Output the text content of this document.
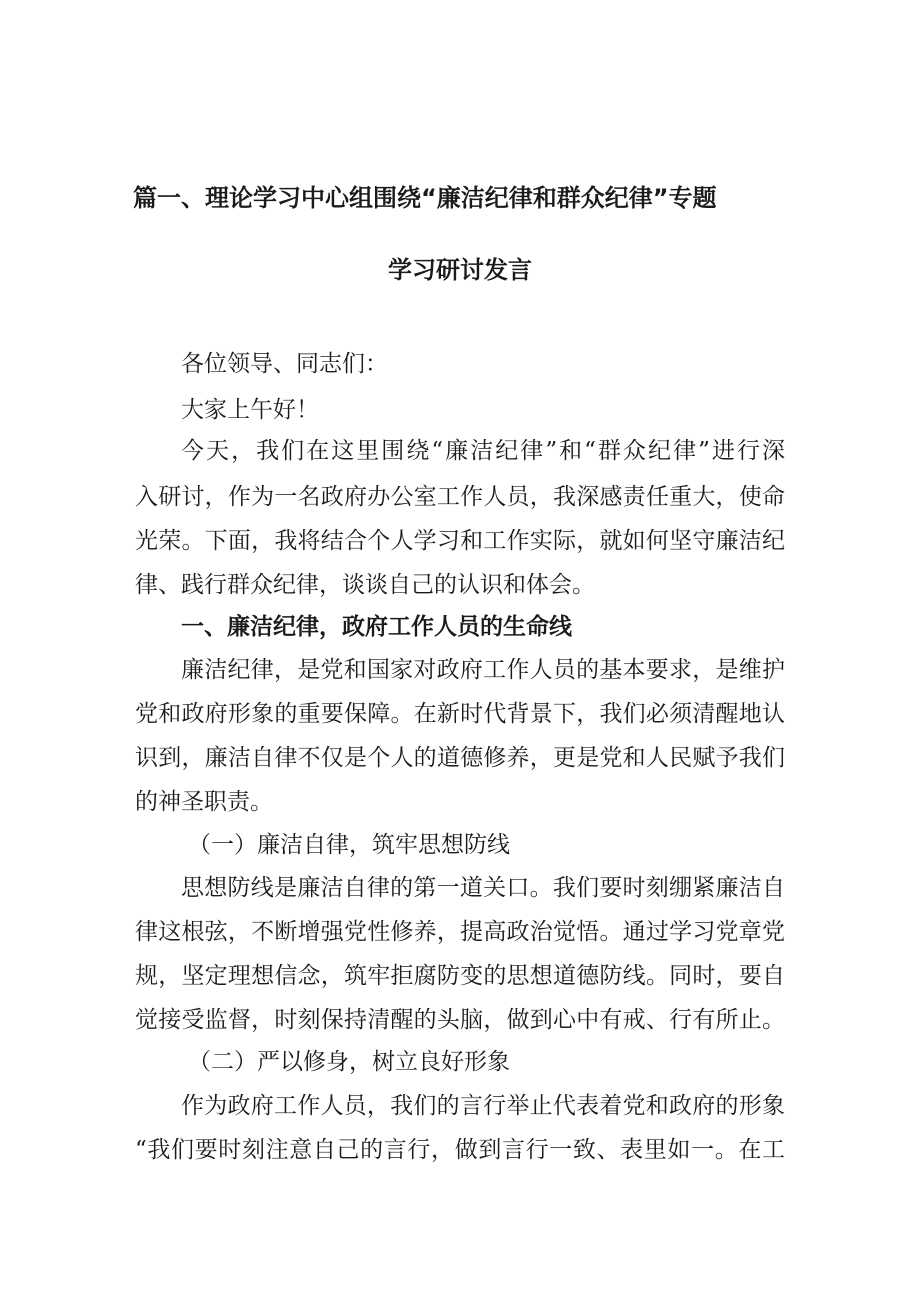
篇一、理论学习中心组围绕“廉洁纪律和群众纪律”专题
学习研讨发言
各位领导、同志们：
大家上午好！
今天，我们在这里围绕“廉洁纪律”和“群众纪律”进行深
入研讨，作为一名政府办公室工作人员，我深感责任重大，使命
光荣。下面，我将结合个人学习和工作实际，就如何坚守廉洁纪
律、践行群众纪律，谈谈自己的认识和体会。
一、廉洁纪律，政府工作人员的生命线
廉洁纪律，是党和国家对政府工作人员的基本要求，是维护
党和政府形象的重要保障。在新时代背景下，我们必须清醒地认
识到，廉洁自律不仅是个人的道德修养，更是党和人民赋予我们
的神圣职责。
（一）廉洁自律，筑牢思想防线
思想防线是廉洁自律的第一道关口。我们要时刻绷紧廉洁自
律这根弦，不断增强党性修养，提高政治觉悟。通过学习党章党
规，坚定理想信念，筑牢拒腐防变的思想道德防线。同时，要自
觉接受监督，时刻保持清醒的头脑，做到心中有戒、行有所止。
（二）严以修身，树立良好形象
作为政府工作人员，我们的言行举止代表着党和政府的形象
“我们要时刻注意自己的言行，做到言行一致、表里如一。在工
